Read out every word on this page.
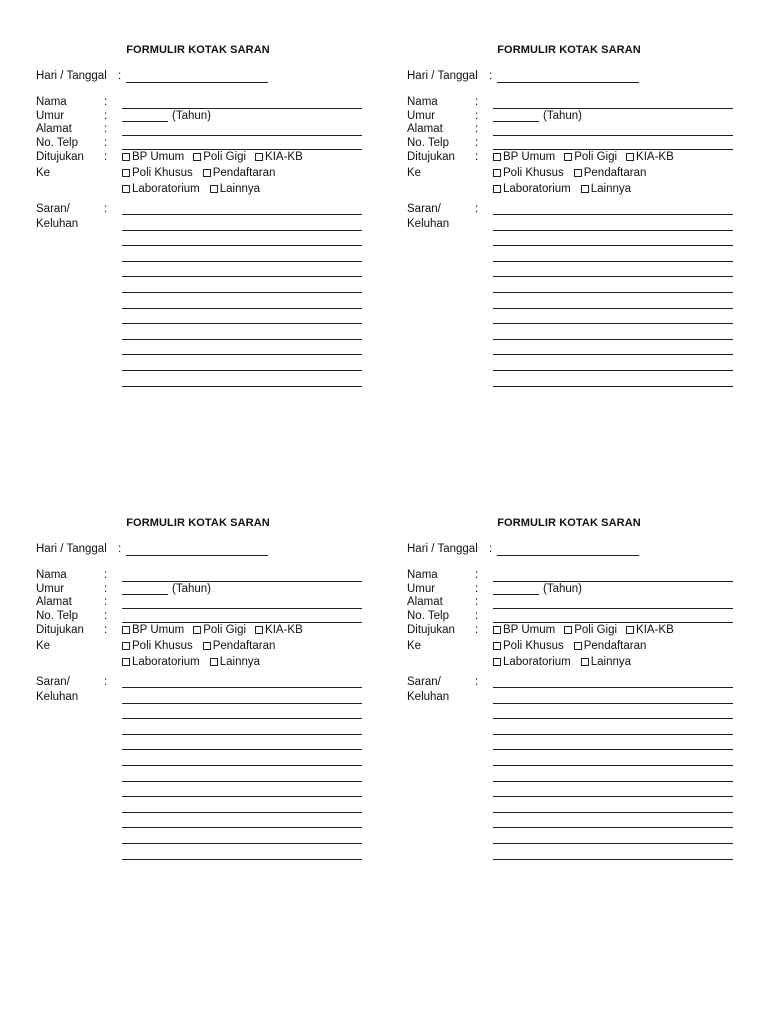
FORMULIR KOTAK SARAN
Hari / Tanggal :
Nama	:
Umur	:	(Tahun)
Alamat	:
No. Telp :
Ditujukan :
Ke
BP Umum Poli Gigi KIA-KB
Poli Khusus Pendaftaran
Laboratorium Lainnya
Saran/	:
Keluhan
FORMULIR KOTAK SARAN
Hari / Tanggal :
Nama	:
Umur	:	(Tahun)
Alamat	:
No. Telp :
Ditujukan :
Ke
BP Umum Poli Gigi KIA-KB
Poli Khusus Pendaftaran
Laboratorium Lainnya
Saran/	:
Keluhan
FORMULIR KOTAK SARAN
Hari / Tanggal :
Nama	:
Umur	:	(Tahun)
Alamat	:
No. Telp :
Ditujukan :
Ke
BP Umum Poli Gigi KIA-KB
Poli Khusus Pendaftaran
Laboratorium Lainnya
Saran/	:
Keluhan
FORMULIR KOTAK SARAN
Hari / Tanggal :
Nama	:
Umur	:	(Tahun)
Alamat	:
No. Telp :
Ditujukan :
Ke
BP Umum Poli Gigi KIA-KB
Poli Khusus Pendaftaran
Laboratorium Lainnya
Saran/	:
Keluhan
